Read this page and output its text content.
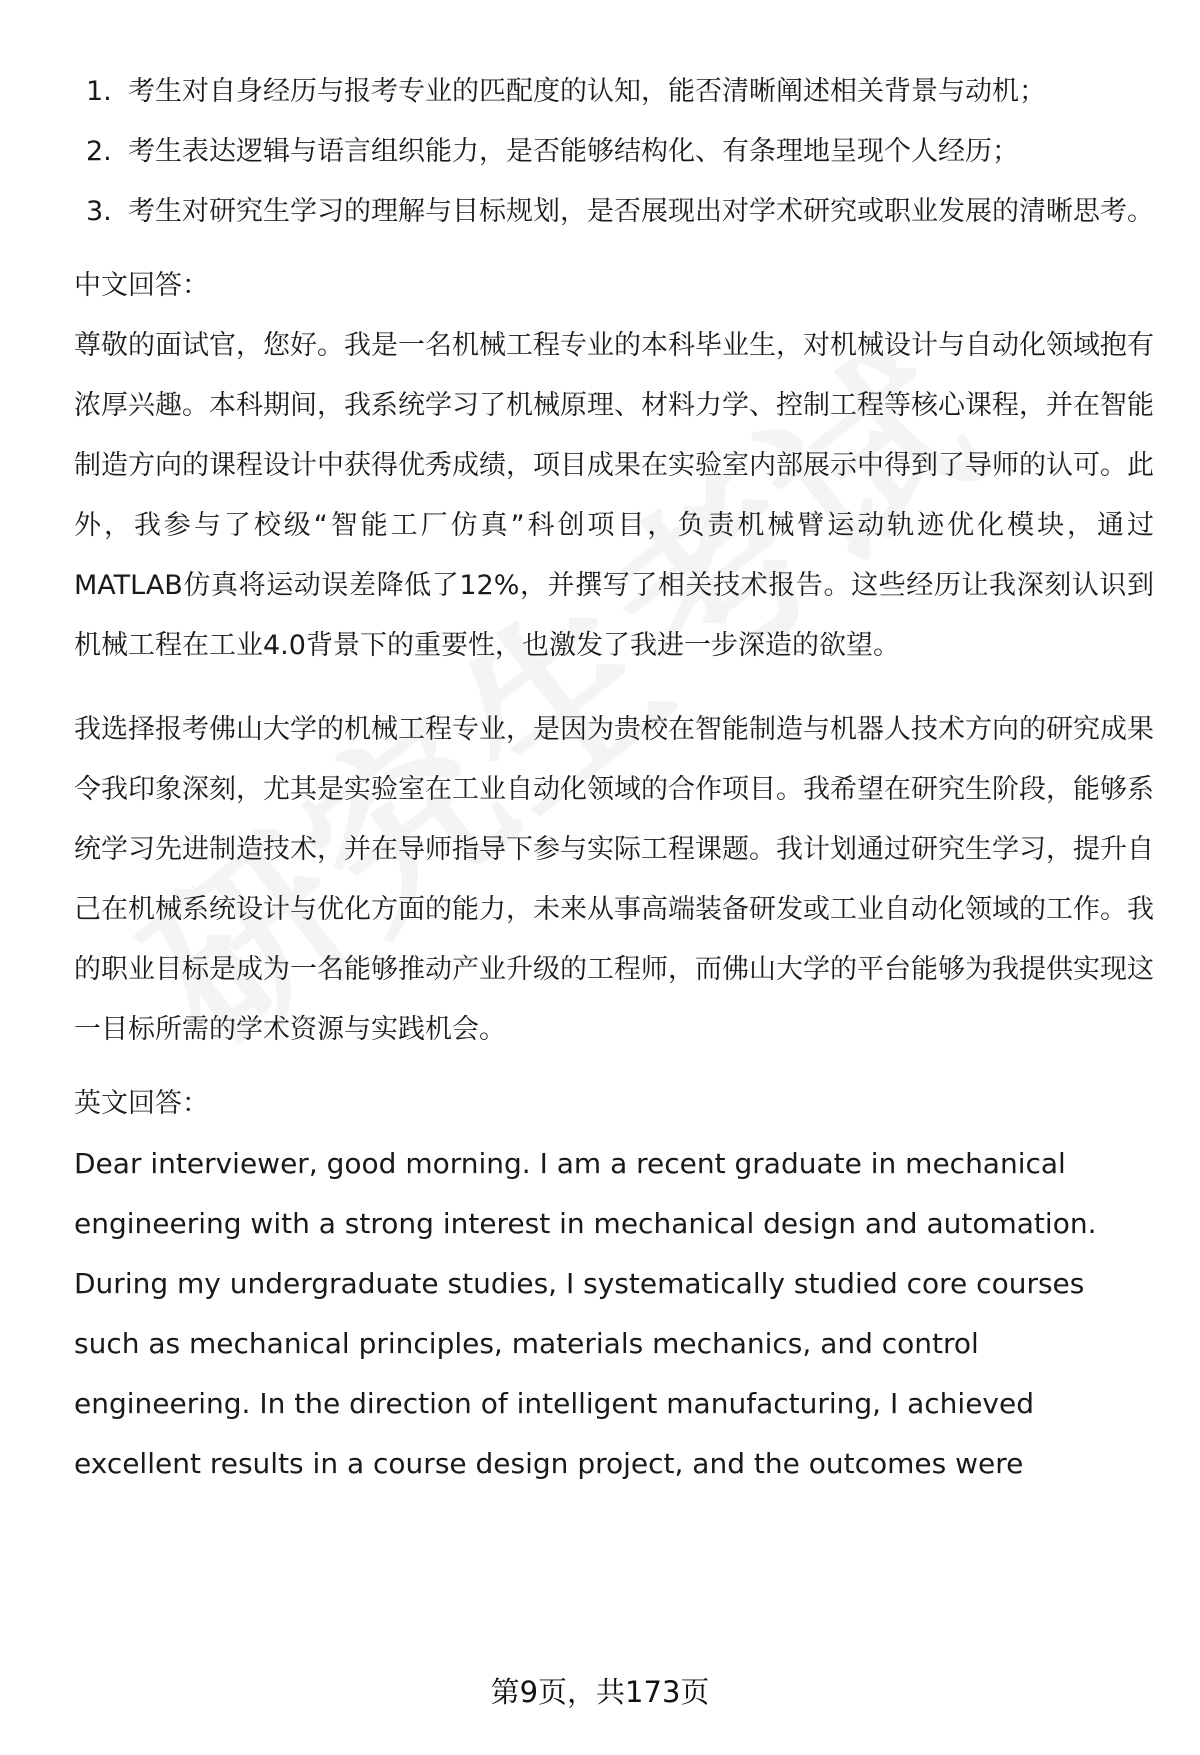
1. 考生对自身经历与报考专业的匹配度的认知，能否清晰阐述相关背景与动机；
2. 考生表达逻辑与语言组织能力，是否能够结构化、有条理地呈现个人经历；
3. 考生对研究生学习的理解与目标规划，是否展现出对学术研究或职业发展的清晰思考。
中文回答：

尊敬的面试官，您好。我是一名机械工程专业的本科毕业生，对机械设计与自动化领域抱有浓厚兴趣。本科期间，我系统学习了机械原理、材料力学、控制工程等核心课程，并在智能制造方向的课程设计中获得优秀成绩，项目成果在实验室内部展示中得到了导师的认可。此外，我参与了校级“智能工厂仿真”科创项目，负责机械臂运动轨迹优化模块，通过MATLAB仿真将运动误差降低了12%，并撰写了相关技术报告。这些经历让我深刻认识到机械工程在工业4.0背景下的重要性，也激发了我进一步深造的欲望。

我选择报考佛山大学的机械工程专业，是因为贵校在智能制造与机器人技术方向的研究成果令我印象深刻，尤其是实验室在工业自动化领域的合作项目。我希望在研究生阶段，能够系统学习先进制造技术，并在导师指导下参与实际工程课题。我计划通过研究生学习，提升自己在机械系统设计与优化方面的能力，未来从事高端装备研发或工业自动化领域的工作。我的职业目标是成为一名能够推动产业升级的工程师，而佛山大学的平台能够为我提供实现这一目标所需的学术资源与实践机会。

英文回答：

Dear interviewer, good morning. I am a recent graduate in mechanical engineering with a strong interest in mechanical design and automation. During my undergraduate studies, I systematically studied core courses such as mechanical principles, materials mechanics, and control engineering. In the direction of intelligent manufacturing, I achieved excellent results in a course design project, and the outcomes were

第9页，共173页
